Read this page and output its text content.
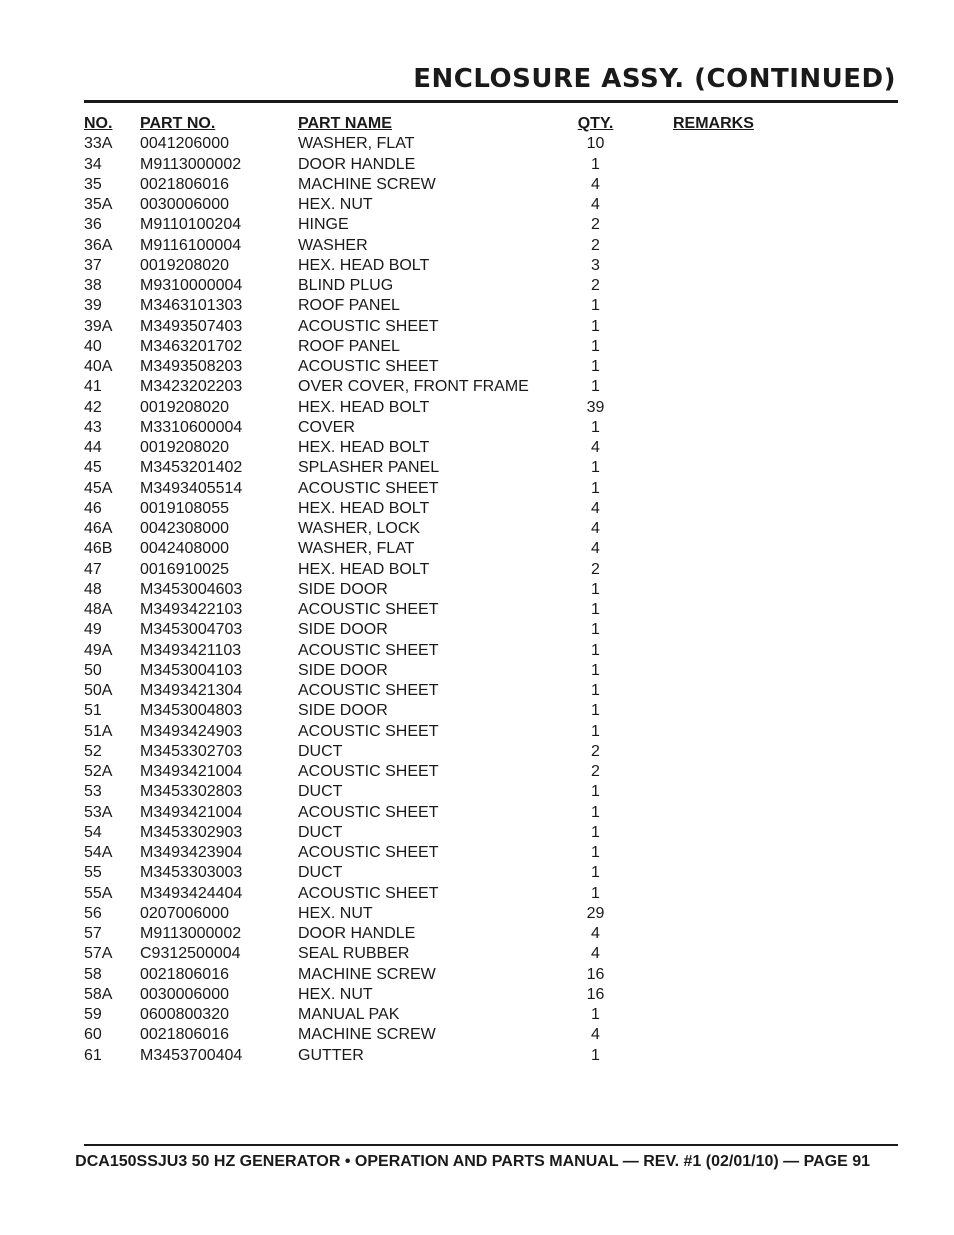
ENCLOSURE ASSY. (CONTINUED)
NO. PART NO.	PART NAME	QTY.	REMARKS
33A 0041206000	WASHER, FLAT	10
34 M9113000002	DOOR HANDLE	1
35 0021806016	MACHINE SCREW	4
35A 0030006000	HEX. NUT	4
36 M9110100204	HINGE	2
36A M9116100004	WASHER	2
37 0019208020	HEX. HEAD BOLT	3
38 M9310000004	BLIND PLUG	2
39 M3463101303	ROOF PANEL	1
39A M3493507403	ACOUSTIC SHEET	1
40 M3463201702	ROOF PANEL	1
40A M3493508203	ACOUSTIC SHEET	1
41 M3423202203	OVER COVER, FRONT FRAME	1
42 0019208020	HEX. HEAD BOLT	39
43 M3310600004	COVER	1
44 0019208020	HEX. HEAD BOLT	4
45 M3453201402	SPLASHER PANEL	1
45A M3493405514	ACOUSTIC SHEET	1
46 0019108055	HEX. HEAD BOLT	4
46A 0042308000	WASHER, LOCK	4
46B 0042408000	WASHER, FLAT	4
47 0016910025	HEX. HEAD BOLT	2
48 M3453004603	SIDE DOOR	1
48A M3493422103	ACOUSTIC SHEET	1
49 M3453004703	SIDE DOOR	1
49A M3493421103	ACOUSTIC SHEET	1
50 M3453004103	SIDE DOOR	1
50A M3493421304	ACOUSTIC SHEET	1
51 M3453004803	SIDE DOOR	1
51A M3493424903	ACOUSTIC SHEET	1
52 M3453302703	DUCT	2
52A M3493421004	ACOUSTIC SHEET	2
53 M3453302803	DUCT	1
53A M3493421004	ACOUSTIC SHEET	1
54 M3453302903	DUCT	1
54A M3493423904	ACOUSTIC SHEET	1
55 M3453303003	DUCT	1
55A M3493424404	ACOUSTIC SHEET	1
56 0207006000	HEX. NUT	29
57 M9113000002	DOOR HANDLE	4
57A C9312500004	SEAL RUBBER	4
58 0021806016	MACHINE SCREW	16
58A 0030006000	HEX. NUT	16
59 0600800320	MANUAL PAK	1
60 0021806016	MACHINE SCREW	4
61 M3453700404	GUTTER	1
DCA150SSJU3 50 HZ GENERATOR • OPERATION AND PARTS MANUAL — REV. #1 (02/01/10) — PAGE 91
